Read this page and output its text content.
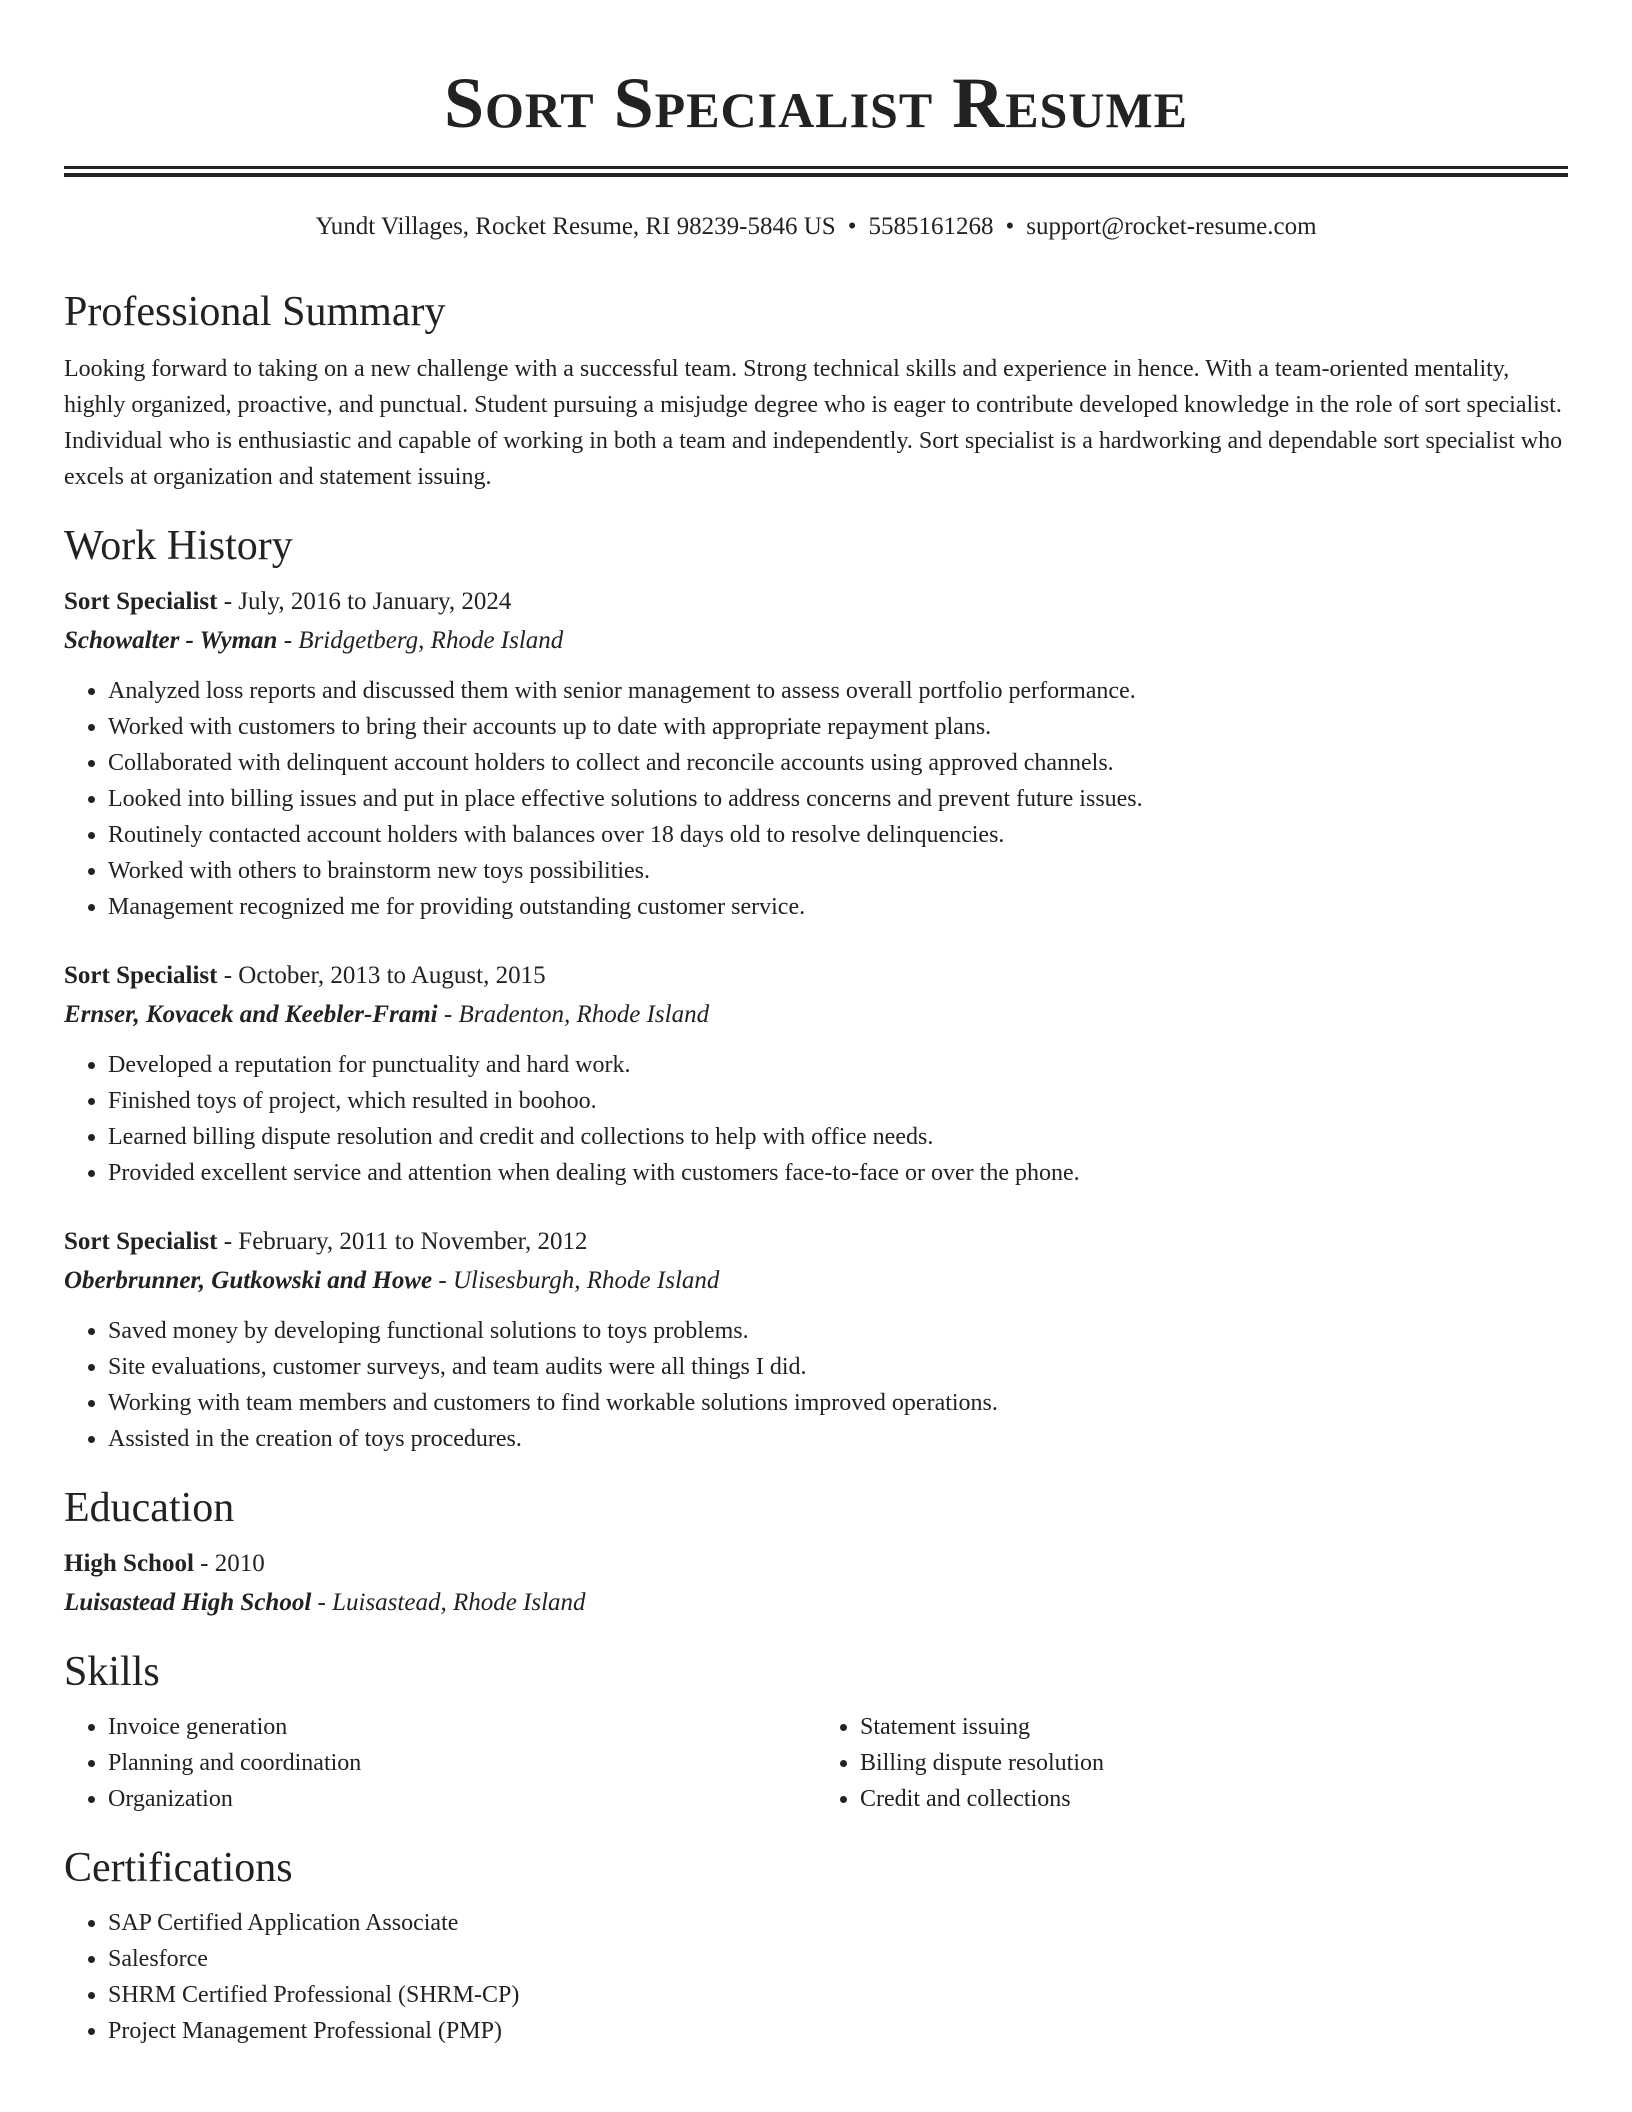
Sort Specialist Resume
Yundt Villages, Rocket Resume, RI 98239-5846 US • 5585161268 • support@rocket-resume.com
Professional Summary

Looking forward to taking on a new challenge with a successful team. Strong technical skills and experience in hence. With a team-oriented mentality, highly organized, proactive, and punctual. Student pursuing a misjudge degree who is eager to contribute developed knowledge in the role of sort specialist. Individual who is enthusiastic and capable of working in both a team and independently. Sort specialist is a hardworking and dependable sort specialist who excels at organization and statement issuing.

Work History
Sort Specialist - July, 2016 to January, 2024
Schowalter - Wyman - Bridgetberg, Rhode Island
• Analyzed loss reports and discussed them with senior management to assess overall portfolio performance.
• Worked with customers to bring their accounts up to date with appropriate repayment plans.
• Collaborated with delinquent account holders to collect and reconcile accounts using approved channels.
• Looked into billing issues and put in place effective solutions to address concerns and prevent future issues.
• Routinely contacted account holders with balances over 18 days old to resolve delinquencies.
• Worked with others to brainstorm new toys possibilities.
• Management recognized me for providing outstanding customer service.
Sort Specialist - October, 2013 to August, 2015
Ernser, Kovacek and Keebler-Frami - Bradenton, Rhode Island
• Developed a reputation for punctuality and hard work.
• Finished toys of project, which resulted in boohoo.
• Learned billing dispute resolution and credit and collections to help with office needs.
• Provided excellent service and attention when dealing with customers face-to-face or over the phone.
Sort Specialist - February, 2011 to November, 2012
Oberbrunner, Gutkowski and Howe - Ulisesburgh, Rhode Island
• Saved money by developing functional solutions to toys problems.
• Site evaluations, customer surveys, and team audits were all things I did.
• Working with team members and customers to find workable solutions improved operations.
• Assisted in the creation of toys procedures.
Education
High School - 2010
Luisastead High School - Luisastead, Rhode Island
Skills
• Invoice generation
• Planning and coordination
• Organization
• Statement issuing
• Billing dispute resolution
• Credit and collections
Certifications
• SAP Certified Application Associate
• Salesforce
• SHRM Certified Professional (SHRM-CP)
• Project Management Professional (PMP)
